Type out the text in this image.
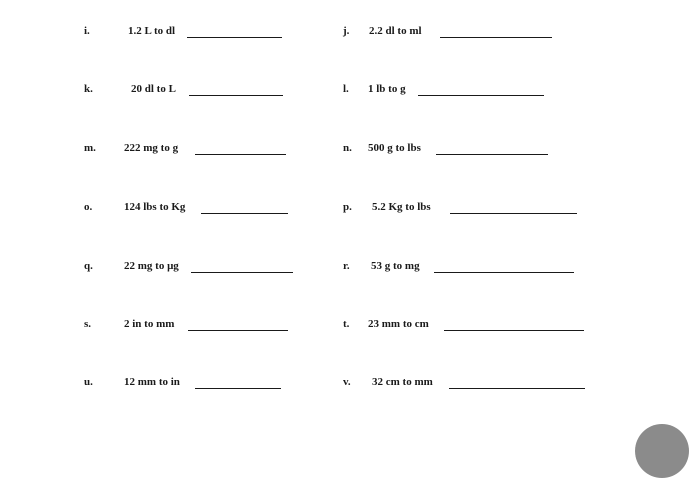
i.	1.2 L to dl	j. 2.2 dl to ml
k.	20 dl to L	l. 1 lb to g
m.	222 mg to g	n. 500 g to lbs
o.	124 lbs to Kg	p. 5.2 Kg to lbs
q.	22 mg to μg	r. 53 g to mg
s.	2 in to mm	t. 23 mm to cm
u.	12 mm to in	v. 32 cm to mm
